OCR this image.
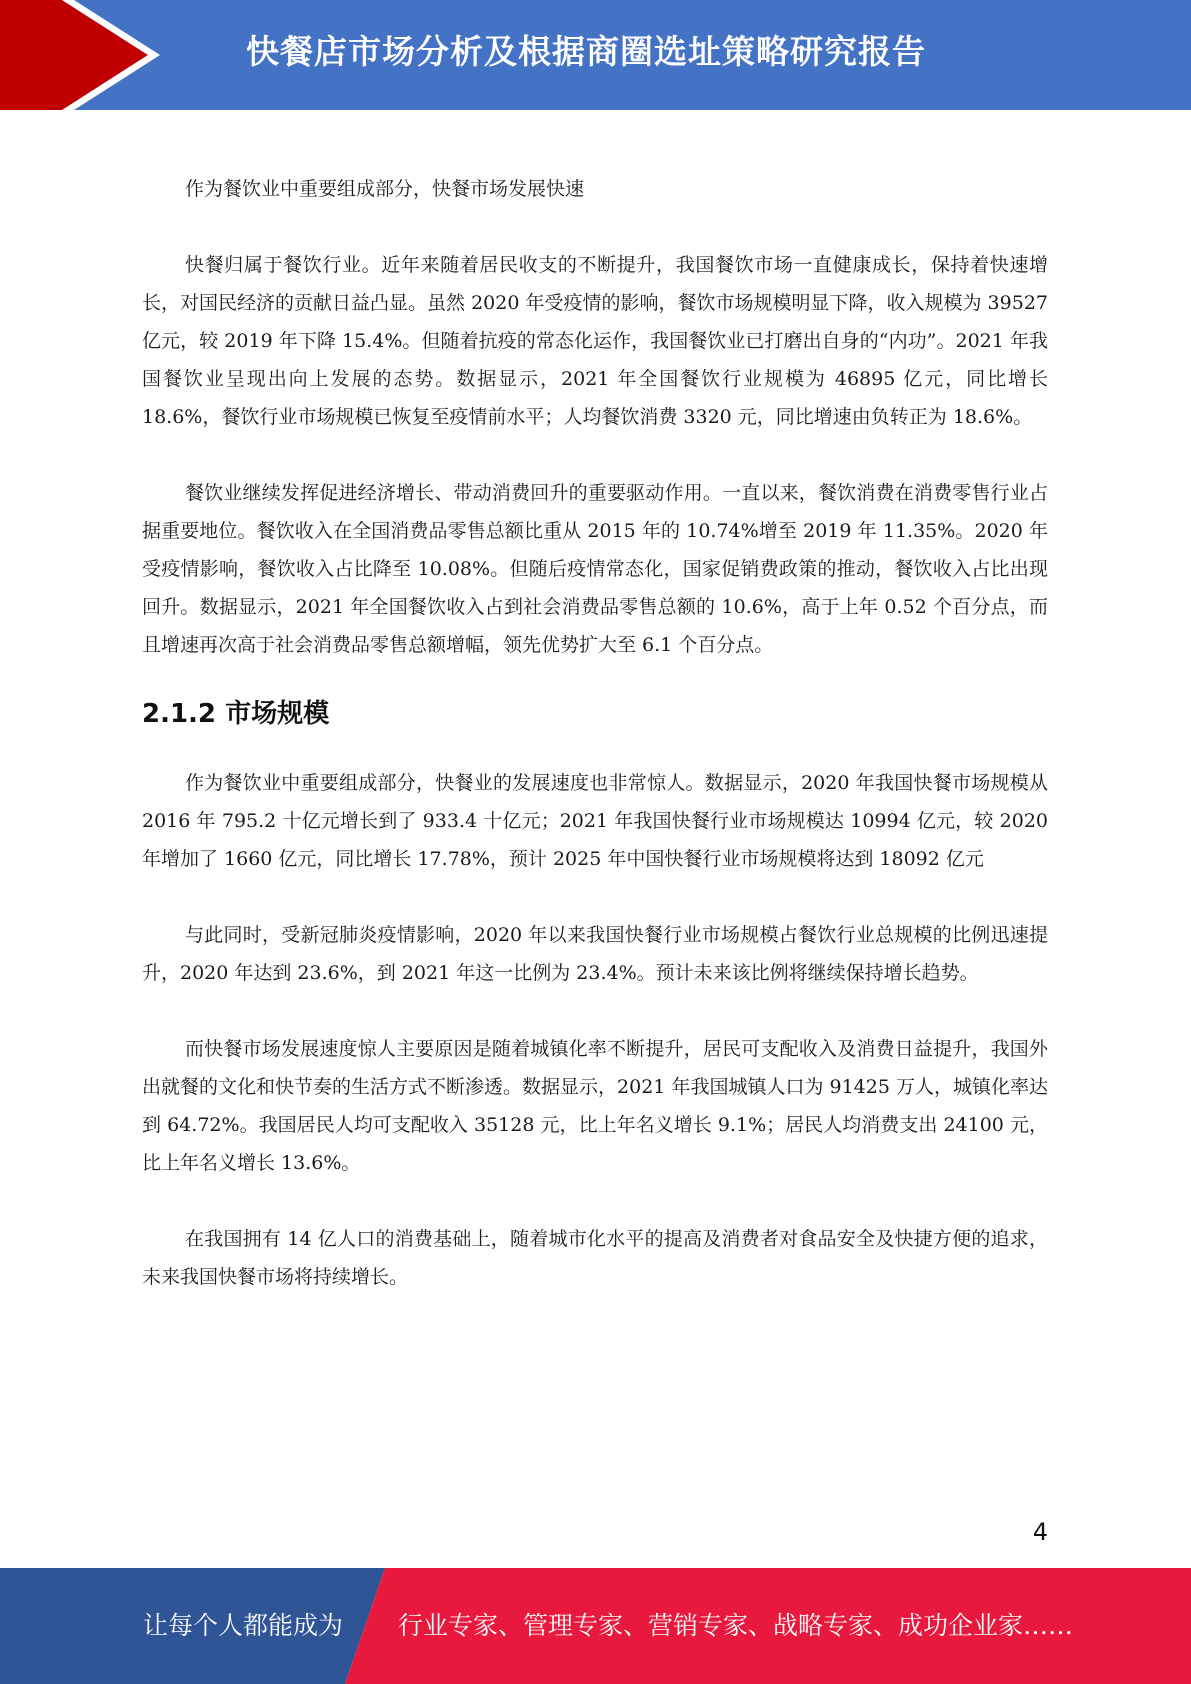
快餐店市场分析及根据商圈选址策略研究报告

作为餐饮业中重要组成部分，快餐市场发展快速

快餐归属于餐饮行业。近年来随着居民收支的不断提升，我国餐饮市场一直健康成长，保持着快速增长，对国民经济的贡献日益凸显。虽然 2020 年受疫情的影响，餐饮市场规模明显下降，收入规模为 39527 亿元，较 2019 年下降 15.4%。但随着抗疫的常态化运作，我国餐饮业已打磨出自身的“内功”。2021 年我国餐饮业呈现出向上发展的态势。数据显示，2021 年全国餐饮行业规模为 46895 亿元，同比增长 18.6%，餐饮行业市场规模已恢复至疫情前水平；人均餐饮消费 3320 元，同比增速由负转正为 18.6%。

餐饮业继续发挥促进经济增长、带动消费回升的重要驱动作用。一直以来，餐饮消费在消费零售行业占据重要地位。餐饮收入在全国消费品零售总额比重从 2015 年的 10.74%增至 2019 年 11.35%。2020 年受疫情影响，餐饮收入占比降至 10.08%。但随后疫情常态化，国家促销费政策的推动，餐饮收入占比出现回升。数据显示，2021 年全国餐饮收入占到社会消费品零售总额的 10.6%，高于上年 0.52 个百分点，而且增速再次高于社会消费品零售总额增幅，领先优势扩大至 6.1 个百分点。

2.1.2 市场规模

作为餐饮业中重要组成部分，快餐业的发展速度也非常惊人。数据显示，2020 年我国快餐市场规模从 2016 年 795.2 十亿元增长到了 933.4 十亿元；2021 年我国快餐行业市场规模达 10994 亿元，较 2020 年增加了 1660 亿元，同比增长 17.78%，预计 2025 年中国快餐行业市场规模将达到 18092 亿元

与此同时，受新冠肺炎疫情影响，2020 年以来我国快餐行业市场规模占餐饮行业总规模的比例迅速提升，2020 年达到 23.6%，到 2021 年这一比例为 23.4%。预计未来该比例将继续保持增长趋势。

而快餐市场发展速度惊人主要原因是随着城镇化率不断提升，居民可支配收入及消费日益提升，我国外出就餐的文化和快节奏的生活方式不断渗透。数据显示，2021 年我国城镇人口为 91425 万人，城镇化率达到 64.72%。我国居民人均可支配收入 35128 元，比上年名义增长 9.1%；居民人均消费支出 24100 元，比上年名义增长 13.6%。

在我国拥有 14 亿人口的消费基础上，随着城市化水平的提高及消费者对食品安全及快捷方便的追求，未来我国快餐市场将持续增长。

4
让每个人都能成为 行业专家、管理专家、营销专家、战略专家、成功企业家……
